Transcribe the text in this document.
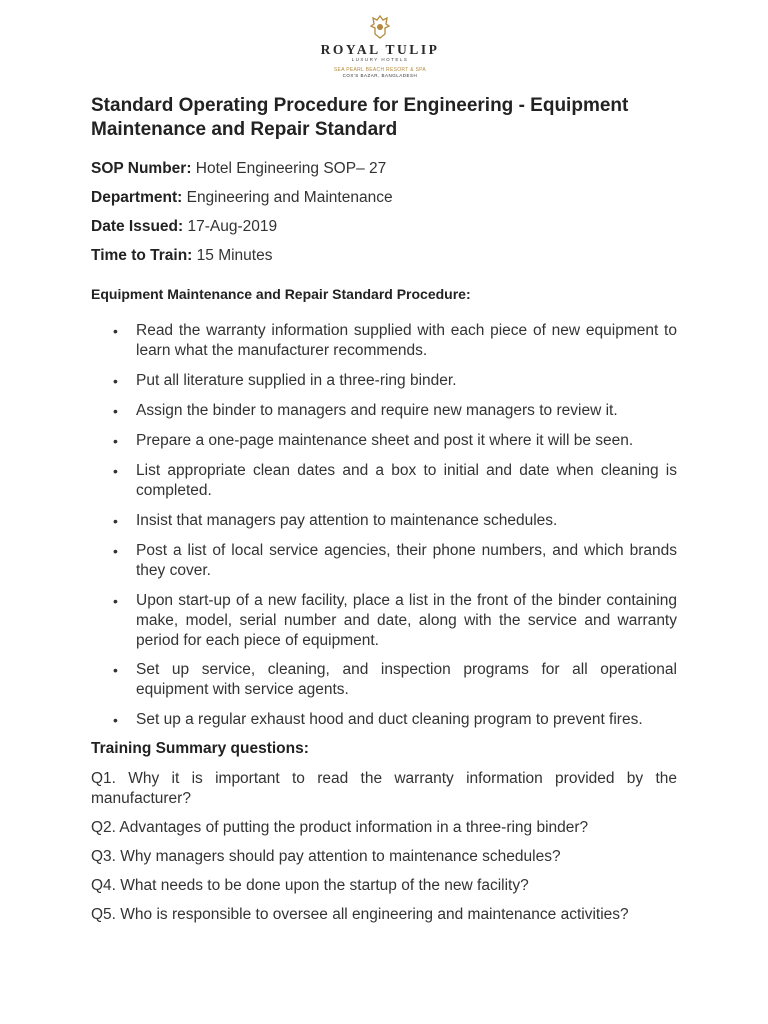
ROYAL TULIP
LUXURY HOTELS
SEA PEARL BEACH RESORT & SPA
COX'S BAZAR, BANGLADESH
Standard Operating Procedure for Engineering - Equipment Maintenance and Repair Standard
SOP Number: Hotel Engineering SOP– 27
Department: Engineering and Maintenance
Date Issued: 17-Aug-2019
Time to Train: 15 Minutes
Equipment Maintenance and Repair Standard Procedure:
•	Read the warranty information supplied with each piece of new equipment to learn what the manufacturer recommends.
•	Put all literature supplied in a three-ring binder.
•	Assign the binder to managers and require new managers to review it.
•	Prepare a one-page maintenance sheet and post it where it will be seen.
•	List appropriate clean dates and a box to initial and date when cleaning is completed.
•	Insist that managers pay attention to maintenance schedules.
•	Post a list of local service agencies, their phone numbers, and which brands they cover.
•	Upon start-up of a new facility, place a list in the front of the binder containing make, model, serial number and date, along with the service and warranty period for each piece of equipment.
•	Set up service, cleaning, and inspection programs for all operational equipment with service agents.
•	Set up a regular exhaust hood and duct cleaning program to prevent fires.
Training Summary questions:
Q1. Why it is important to read the warranty information provided by the manufacturer?
Q2. Advantages of putting the product information in a three-ring binder?
Q3. Why managers should pay attention to maintenance schedules?
Q4. What needs to be done upon the startup of the new facility?
Q5. Who is responsible to oversee all engineering and maintenance activities?
